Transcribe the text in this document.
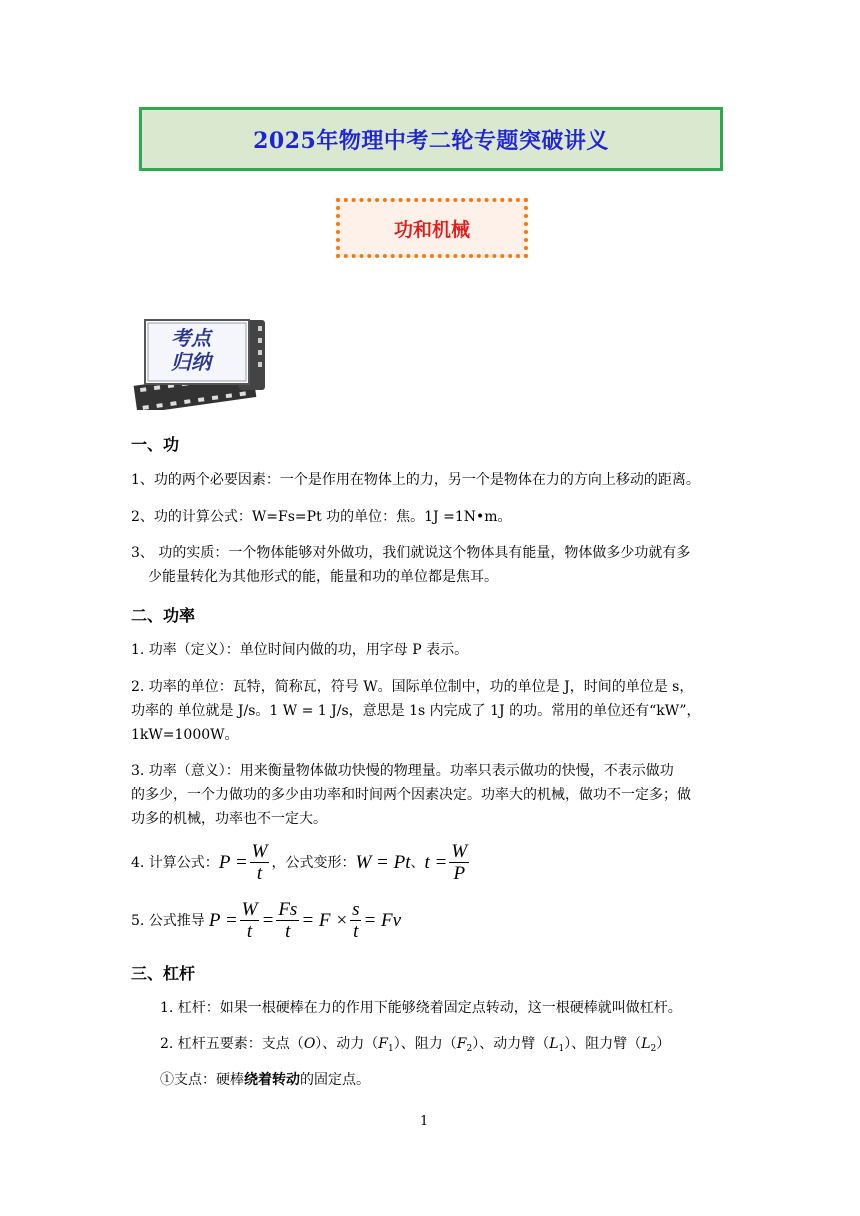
2025年物理中考二轮专题突破讲义
功和机械
考点
归纳
一、功
1、功的两个必要因素：一个是作用在物体上的力，另一个是物体在力的方向上移动的距离。
2、功的计算公式：W=Fs=Pt 功的单位：焦。1J =1N•m。
3、 功的实质：一个物体能够对外做功，我们就说这个物体具有能量，物体做多少功就有多
少能量转化为其他形式的能，能量和功的单位都是焦耳。
二、功率
1. 功率（定义）：单位时间内做的功，用字母 P 表示。
2. 功率的单位：瓦特，简称瓦，符号 W。国际单位制中，功的单位是 J，时间的单位是 s，
功率的 单位就是 J/s。1 W = 1 J/s，意思是 1s 内完成了 1J 的功。常用的单位还有“kW”，
1kW=1000W。
3. 功率（意义）：用来衡量物体做功快慢的物理量。功率只表示做功的快慢，不表示做功
的多少，一个力做功的多少由功率和时间两个因素决定。功率大的机械，做功不一定多；做
功多的机械，功率也不一定大。
4. 计算公式： $P = \frac{W}{t}$ ，公式变形： W = Pt 、 $t = \frac{W}{P}$
5. 公式推导 $P = \frac{W}{t} = \frac{Fs}{t} = F \times \frac{s}{t} = Fv$
三、杠杆
1. 杠杆：如果一根硬棒在力的作用下能够绕着固定点转动，这一根硬棒就叫做杠杆。
2. 杠杆五要素：支点（O）、动力$(F_1)$、阻力$(F_2)$、动力臂$(L_1)$、阻力臂$(L_2)$
①支点：硬棒绕着转动的固定点。
1
